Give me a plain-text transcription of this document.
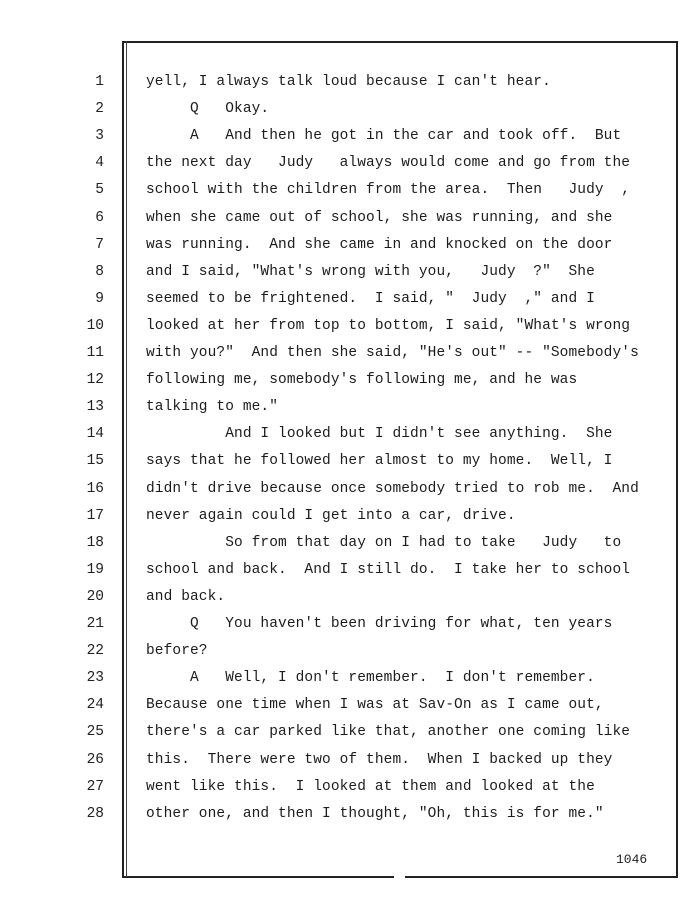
1	yell, I always talk loud because I can't hear.
2	Q   Okay.
3	A   And then he got in the car and took off.  But
4	the next day   Judy   always would come and go from the
5	school with the children from the area.  Then   Judy  ,
6	when she came out of school, she was running, and she
7	was running.  And she came in and knocked on the door
8	and I said, "What's wrong with you,   Judy  ?"  She
9	seemed to be frightened.  I said, "  Judy  ," and I
10	looked at her from top to bottom, I said, "What's wrong
11	with you?"  And then she said, "He's out" -- "Somebody's
12	following me, somebody's following me, and he was
13	talking to me."
14	And I looked but I didn't see anything.  She
15	says that he followed her almost to my home.  Well, I
16	didn't drive because once somebody tried to rob me.  And
17	never again could I get into a car, drive.
18	So from that day on I had to take   Judy   to
19	school and back.  And I still do.  I take her to school
20	and back.
21	Q   You haven't been driving for what, ten years
22	before?
23	A   Well, I don't remember.  I don't remember.
24	Because one time when I was at Sav-On as I came out,
25	there's a car parked like that, another one coming like
26	this.  There were two of them.  When I backed up they
27	went like this.  I looked at them and looked at the
28	other one, and then I thought, "Oh, this is for me."
1046
